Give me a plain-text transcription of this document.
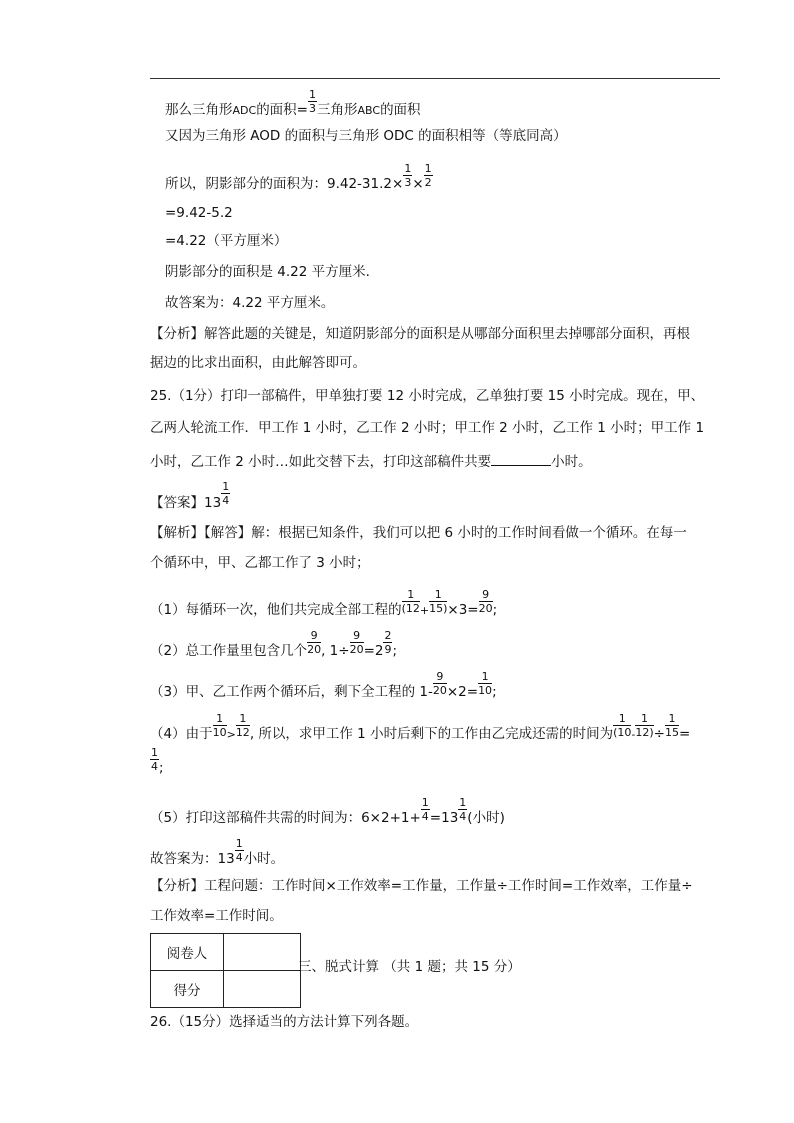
那么三角形ADC的面积= $\frac{1}{3}$ 三角形ABC的面积
又因为三角形 AOD 的面积与三角形 ODC 的面积相等（等底同高）
所以，阴影部分的面积为：$9.42-31.2\times \frac{1}{3} \times \frac{1}{2}$
=9.42-5.2
=4.22（平方厘米）
阴影部分的面积是 4.22 平方厘米.
故答案为：4.22 平方厘米。
【分析】解答此题的关键是，知道阴影部分的面积是从哪部分面积里去掉哪部分面积，再根
据边的比求出面积，由此解答即可。
25.（1分）打印一部稿件，甲单独打要 12 小时完成，乙单独打要 15 小时完成。现在，甲、
乙两人轮流工作．甲工作 1 小时，乙工作 2 小时；甲工作 2 小时，乙工作 1 小时；甲工作 1
小时，乙工作 2 小时…如此交替下去，打印这部稿件共要	小时。
【答案】$13 \frac{1}{4}$
【解析】【解答】解：根据已知条件，我们可以把 6 小时的工作时间看做一个循环。在每一
个循环中，甲、乙都工作了 3 小时；
（1）每循环一次，他们共完成全部工程的 $\frac{1}{(12} + \frac{1}{15)} \times 3= \frac{9}{20}$ ;
（2）总工作量里包含几个 $\frac{9}{20}$ , $1\div \frac{9}{20} =2 \frac{2}{9}$ ;
（3）甲、乙工作两个循环后，剩下全工程的 $1- \frac{9}{20} \times 2= \frac{1}{10}$ ;
（4）由于 $\frac{1}{10} > \frac{1}{12}$ , 所以，求甲工作 1 小时后剩下的工作由乙完成还需的时间为 $\frac{1}{(10} - \frac{1}{12)} \div \frac{1}{15}$ =
$\frac{1}{4}$ ;
（5）打印这部稿件共需的时间为：$6\times 2+1+ \frac{1}{4} =13 \frac{1}{4}$ (小时)
故答案为：$13 \frac{1}{4}$ 小时。
【分析】工程问题：工作时间×工作效率=工作量，工作量÷工作时间=工作效率，工作量÷
工作效率=工作时间。
阅卷人	
得分	
三、脱式计算 （共 1 题；共 15 分）
26.（15分）选择适当的方法计算下列各题。
